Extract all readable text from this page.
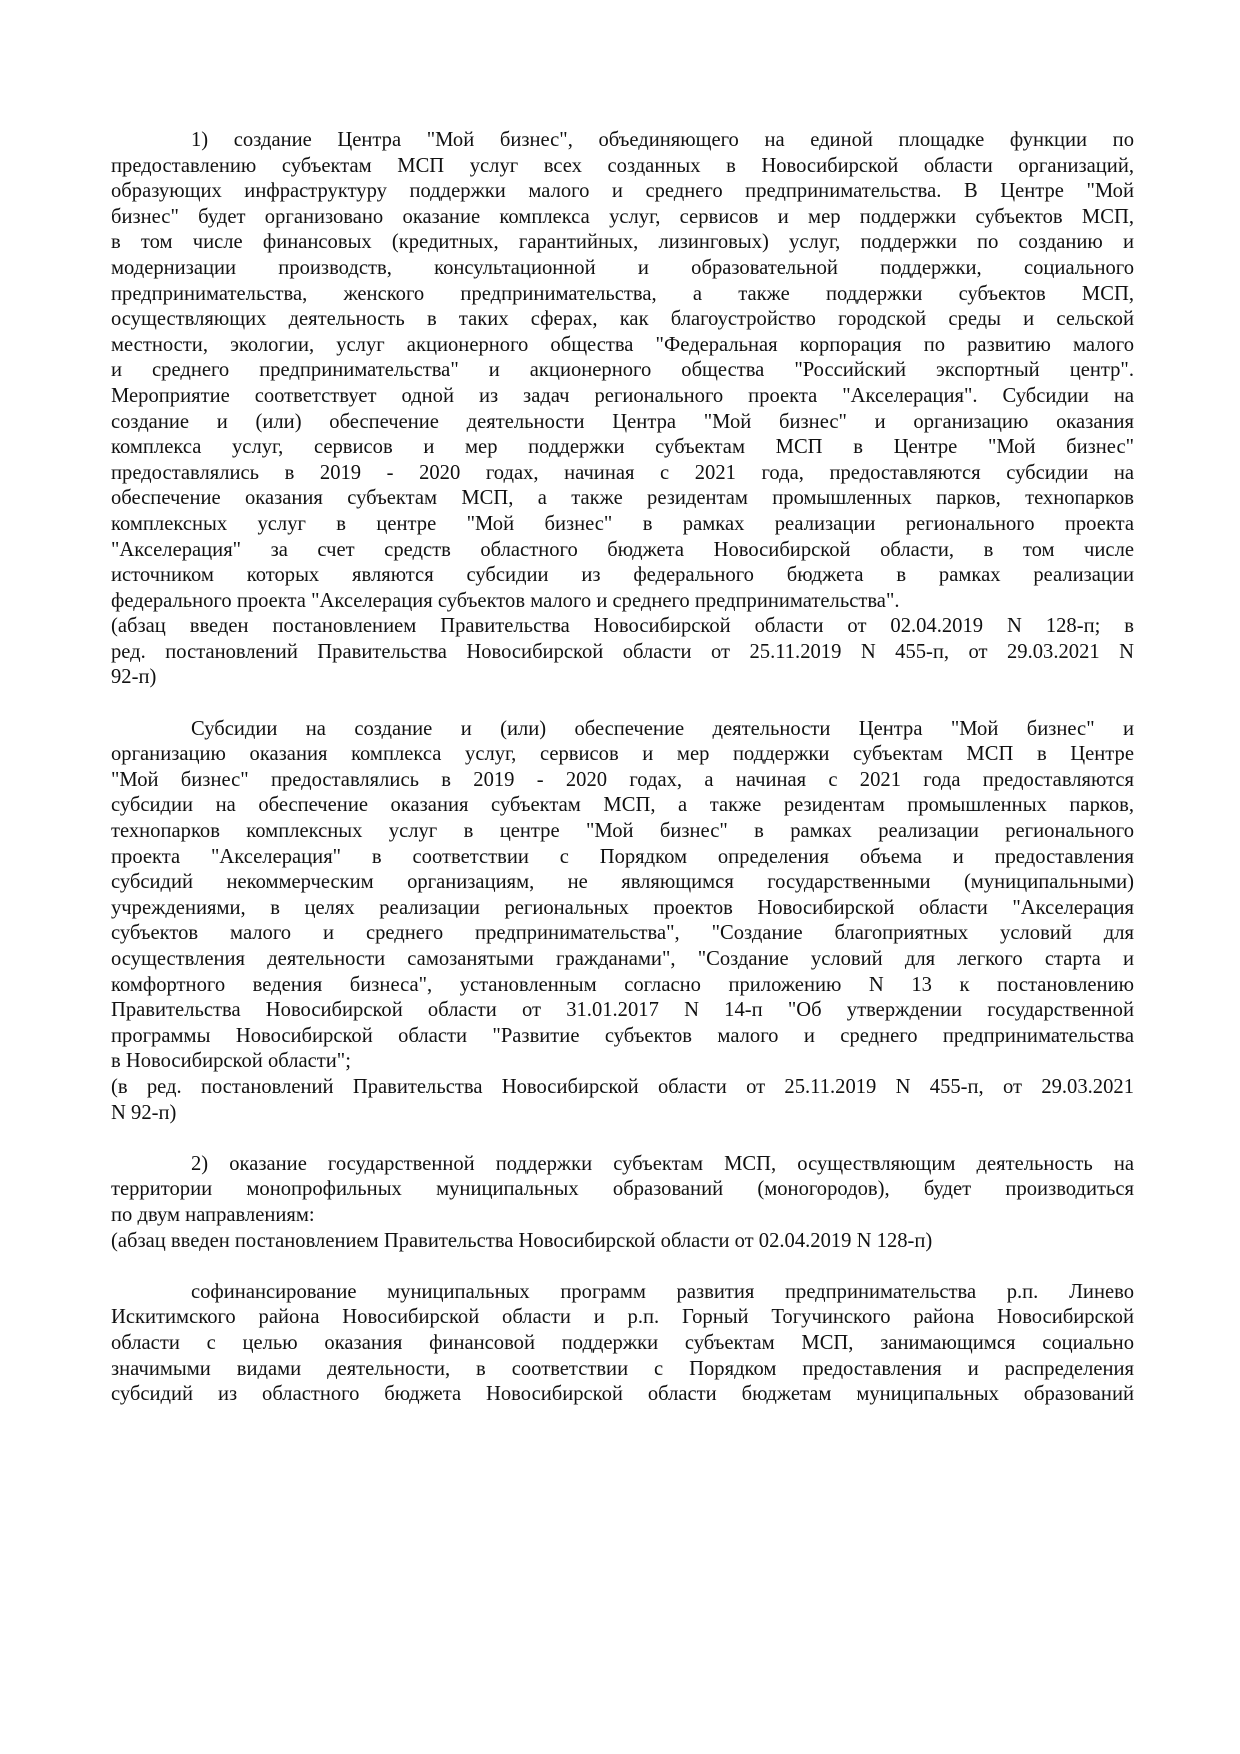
1) создание Центра "Мой бизнес", объединяющего на единой площадке функции по
предоставлению субъектам МСП услуг всех созданных в Новосибирской области организаций,
образующих инфраструктуру поддержки малого и среднего предпринимательства. В Центре "Мой
бизнес" будет организовано оказание комплекса услуг, сервисов и мер поддержки субъектов МСП,
в том числе финансовых (кредитных, гарантийных, лизинговых) услуг, поддержки по созданию и
модернизации производств, консультационной и образовательной поддержки, социального
предпринимательства, женского предпринимательства, а также поддержки субъектов МСП,
осуществляющих деятельность в таких сферах, как благоустройство городской среды и сельской
местности, экологии, услуг акционерного общества "Федеральная корпорация по развитию малого
и среднего предпринимательства" и акционерного общества "Российский экспортный центр".
Мероприятие соответствует одной из задач регионального проекта "Акселерация". Субсидии на
создание и (или) обеспечение деятельности Центра "Мой бизнес" и организацию оказания
комплекса услуг, сервисов и мер поддержки субъектам МСП в Центре "Мой бизнес"
предоставлялись в 2019 - 2020 годах, начиная с 2021 года, предоставляются субсидии на
обеспечение оказания субъектам МСП, а также резидентам промышленных парков, технопарков
комплексных услуг в центре "Мой бизнес" в рамках реализации регионального проекта
"Акселерация" за счет средств областного бюджета Новосибирской области, в том числе
источником которых являются субсидии из федерального бюджета в рамках реализации
федерального проекта "Акселерация субъектов малого и среднего предпринимательства".
(абзац введен постановлением Правительства Новосибирской области от 02.04.2019 N 128-п; в
ред. постановлений Правительства Новосибирской области от 25.11.2019 N 455-п, от 29.03.2021 N
92-п)
Субсидии на создание и (или) обеспечение деятельности Центра "Мой бизнес" и
организацию оказания комплекса услуг, сервисов и мер поддержки субъектам МСП в Центре
"Мой бизнес" предоставлялись в 2019 - 2020 годах, а начиная с 2021 года предоставляются
субсидии на обеспечение оказания субъектам МСП, а также резидентам промышленных парков,
технопарков комплексных услуг в центре "Мой бизнес" в рамках реализации регионального
проекта "Акселерация" в соответствии с Порядком определения объема и предоставления
субсидий некоммерческим организациям, не являющимся государственными (муниципальными)
учреждениями, в целях реализации региональных проектов Новосибирской области "Акселерация
субъектов малого и среднего предпринимательства", "Создание благоприятных условий для
осуществления деятельности самозанятыми гражданами", "Создание условий для легкого старта и
комфортного ведения бизнеса", установленным согласно приложению N 13 к постановлению
Правительства Новосибирской области от 31.01.2017 N 14-п "Об утверждении государственной
программы Новосибирской области "Развитие субъектов малого и среднего предпринимательства
в Новосибирской области";
(в ред. постановлений Правительства Новосибирской области от 25.11.2019 N 455-п, от 29.03.2021
N 92-п)
2) оказание государственной поддержки субъектам МСП, осуществляющим деятельность на
территории монопрофильных муниципальных образований (моногородов), будет производиться
по двум направлениям:
(абзац введен постановлением Правительства Новосибирской области от 02.04.2019 N 128-п)
софинансирование муниципальных программ развития предпринимательства р.п. Линево
Искитимского района Новосибирской области и р.п. Горный Тогучинского района Новосибирской
области с целью оказания финансовой поддержки субъектам МСП, занимающимся социально
значимыми видами деятельности, в соответствии с Порядком предоставления и распределения
субсидий из областного бюджета Новосибирской области бюджетам муниципальных образований
